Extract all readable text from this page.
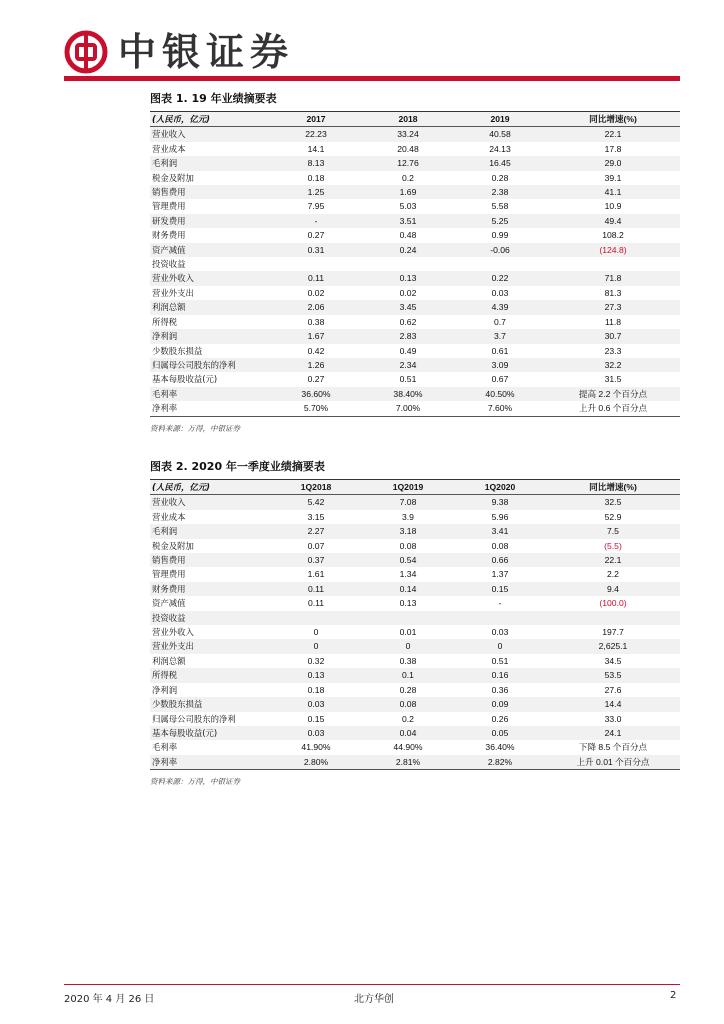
中银证券
图表 1. 19 年业绩摘要表
(人民币，亿元)	2017	2018	2019	同比增速(%)
营业收入	22.23	33.24	40.58	22.1
营业成本	14.1	20.48	24.13	17.8
毛利润	8.13	12.76	16.45	29.0
税金及附加	0.18	0.2	0.28	39.1
销售费用	1.25	1.69	2.38	41.1
管理费用	7.95	5.03	5.58	10.9
研发费用	-	3.51	5.25	49.4
财务费用	0.27	0.48	0.99	108.2
资产减值	0.31	0.24	-0.06	(124.8)
投资收益				
营业外收入	0.11	0.13	0.22	71.8
营业外支出	0.02	0.02	0.03	81.3
利润总额	2.06	3.45	4.39	27.3
所得税	0.38	0.62	0.7	11.8
净利润	1.67	2.83	3.7	30.7
少数股东损益	0.42	0.49	0.61	23.3
归属母公司股东的净利	1.26	2.34	3.09	32.2
基本每股收益(元)	0.27	0.51	0.67	31.5
毛利率	36.60%	38.40%	40.50%	提高 2.2 个百分点
净利率	5.70%	7.00%	7.60%	上升 0.6 个百分点
资料来源：万得，中银证券
图表 2. 2020 年一季度业绩摘要表
(人民币，亿元)	1Q2018	1Q2019	1Q2020	同比增速(%)
营业收入	5.42	7.08	9.38	32.5
营业成本	3.15	3.9	5.96	52.9
毛利润	2.27	3.18	3.41	7.5
税金及附加	0.07	0.08	0.08	(5.5)
销售费用	0.37	0.54	0.66	22.1
管理费用	1.61	1.34	1.37	2.2
财务费用	0.11	0.14	0.15	9.4
资产减值	0.11	0.13	-	(100.0)
投资收益				
营业外收入	0	0.01	0.03	197.7
营业外支出	0	0	0	2,625.1
利润总额	0.32	0.38	0.51	34.5
所得税	0.13	0.1	0.16	53.5
净利润	0.18	0.28	0.36	27.6
少数股东损益	0.03	0.08	0.09	14.4
归属母公司股东的净利	0.15	0.2	0.26	33.0
基本每股收益(元)	0.03	0.04	0.05	24.1
毛利率	41.90%	44.90%	36.40%	下降 8.5 个百分点
净利率	2.80%	2.81%	2.82%	上升 0.01 个百分点
资料来源：万得，中银证券
2020 年 4 月 26 日	北方华创	2
